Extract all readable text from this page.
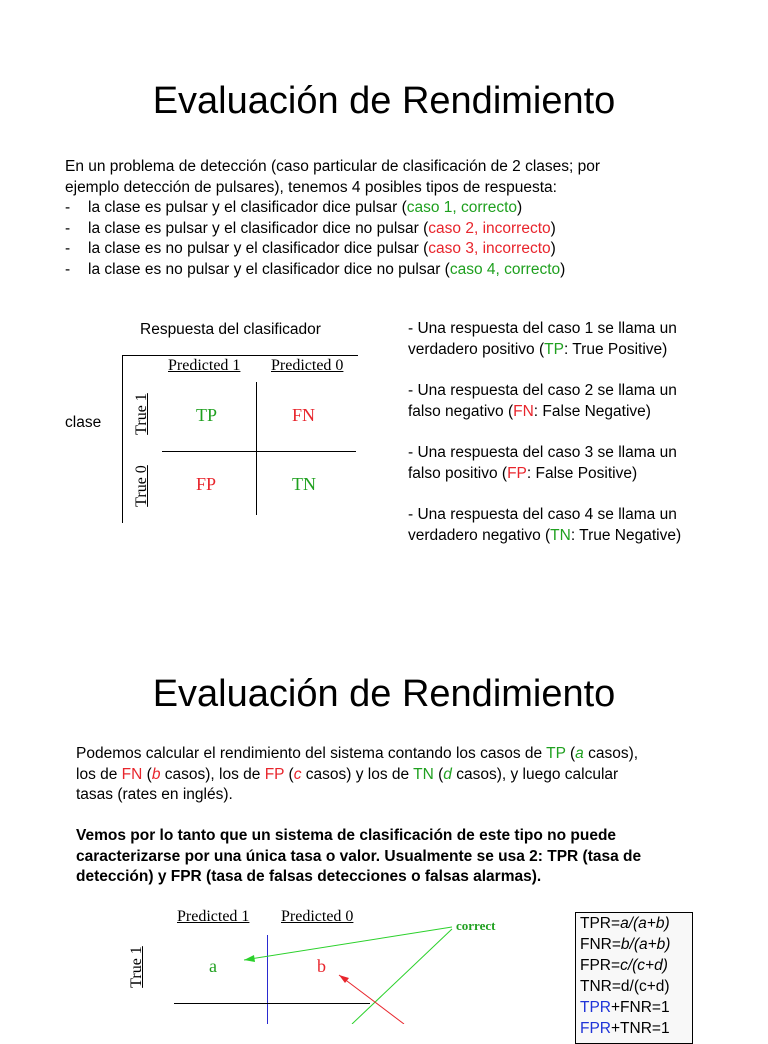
Evaluación de Rendimiento
En un problema de detección (caso particular de clasificación de 2 clases; por
ejemplo detección de pulsares), tenemos 4 posibles tipos de respuesta:
- la clase es pulsar y el clasificador dice pulsar (caso 1, correcto)
- la clase es pulsar y el clasificador dice no pulsar (caso 2, incorrecto)
- la clase es no pulsar y el clasificador dice pulsar (caso 3, incorrecto)
- la clase es no pulsar y el clasificador dice no pulsar (caso 4, correcto)
Respuesta del clasificador
clase
Predicted 1 Predicted 0
True 1
True 0
TP	FN
FP	TN

- Una respuesta del caso 1 se llama un
verdadero positivo (TP: True Positive)

- Una respuesta del caso 2 se llama un
falso negativo (FN: False Negative)

- Una respuesta del caso 3 se llama un
falso positivo (FP: False Positive)

- Una respuesta del caso 4 se llama un
verdadero negativo (TN: True Negative)

Evaluación de Rendimiento
Podemos calcular el rendimiento del sistema contando los casos de TP (a casos),
los de FN (b casos), los de FP (c casos) y los de TN (d casos), y luego calcular
tasas (rates en inglés).
Vemos por lo tanto que un sistema de clasificación de este tipo no puede
caracterizarse por una única tasa o valor. Usualmente se usa 2: TPR (tasa de
detección) y FPR (tasa de falsas detecciones o falsas alarmas).
Predicted 1 Predicted 0
True 1	a	b
correct	TPR=a/(a+b)
FNR=b/(a+b)
FPR=c/(c+d)
TNR=d/(c+d)
TPR+FNR=1
FPR+TNR=1
